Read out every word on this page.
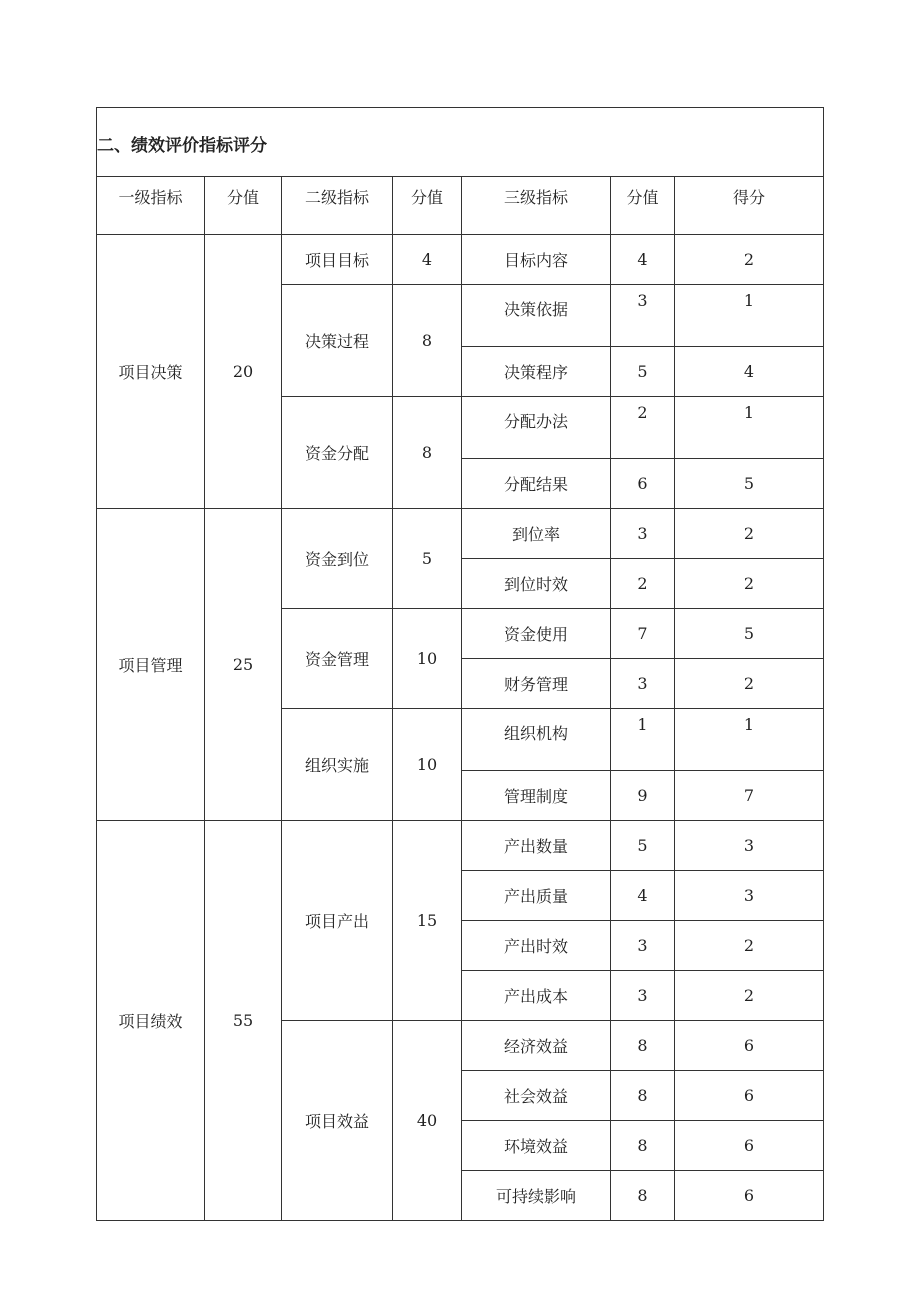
二、绩效评价指标评分						
一级指标	分值	二级指标	分值	三级指标	分值	得分
项目决策	20	项目目标	4	目标内容	4	2
		决策过程	8	决策依据	3	1
				决策程序	5	4
		资金分配	8	分配办法	2	1
				分配结果	6	5
项目管理	25	资金到位	5	到位率	3	2
				到位时效	2	2
		资金管理	10	资金使用	7	5
				财务管理	3	2
		组织实施	10	组织机构	1	1
				管理制度	9	7
项目绩效	55	项目产出	15	产出数量	5	3
				产出质量	4	3
				产出时效	3	2
				产出成本	3	2
		项目效益	40	经济效益	8	6
				社会效益	8	6
				环境效益	8	6
				可持续影响	8	6
